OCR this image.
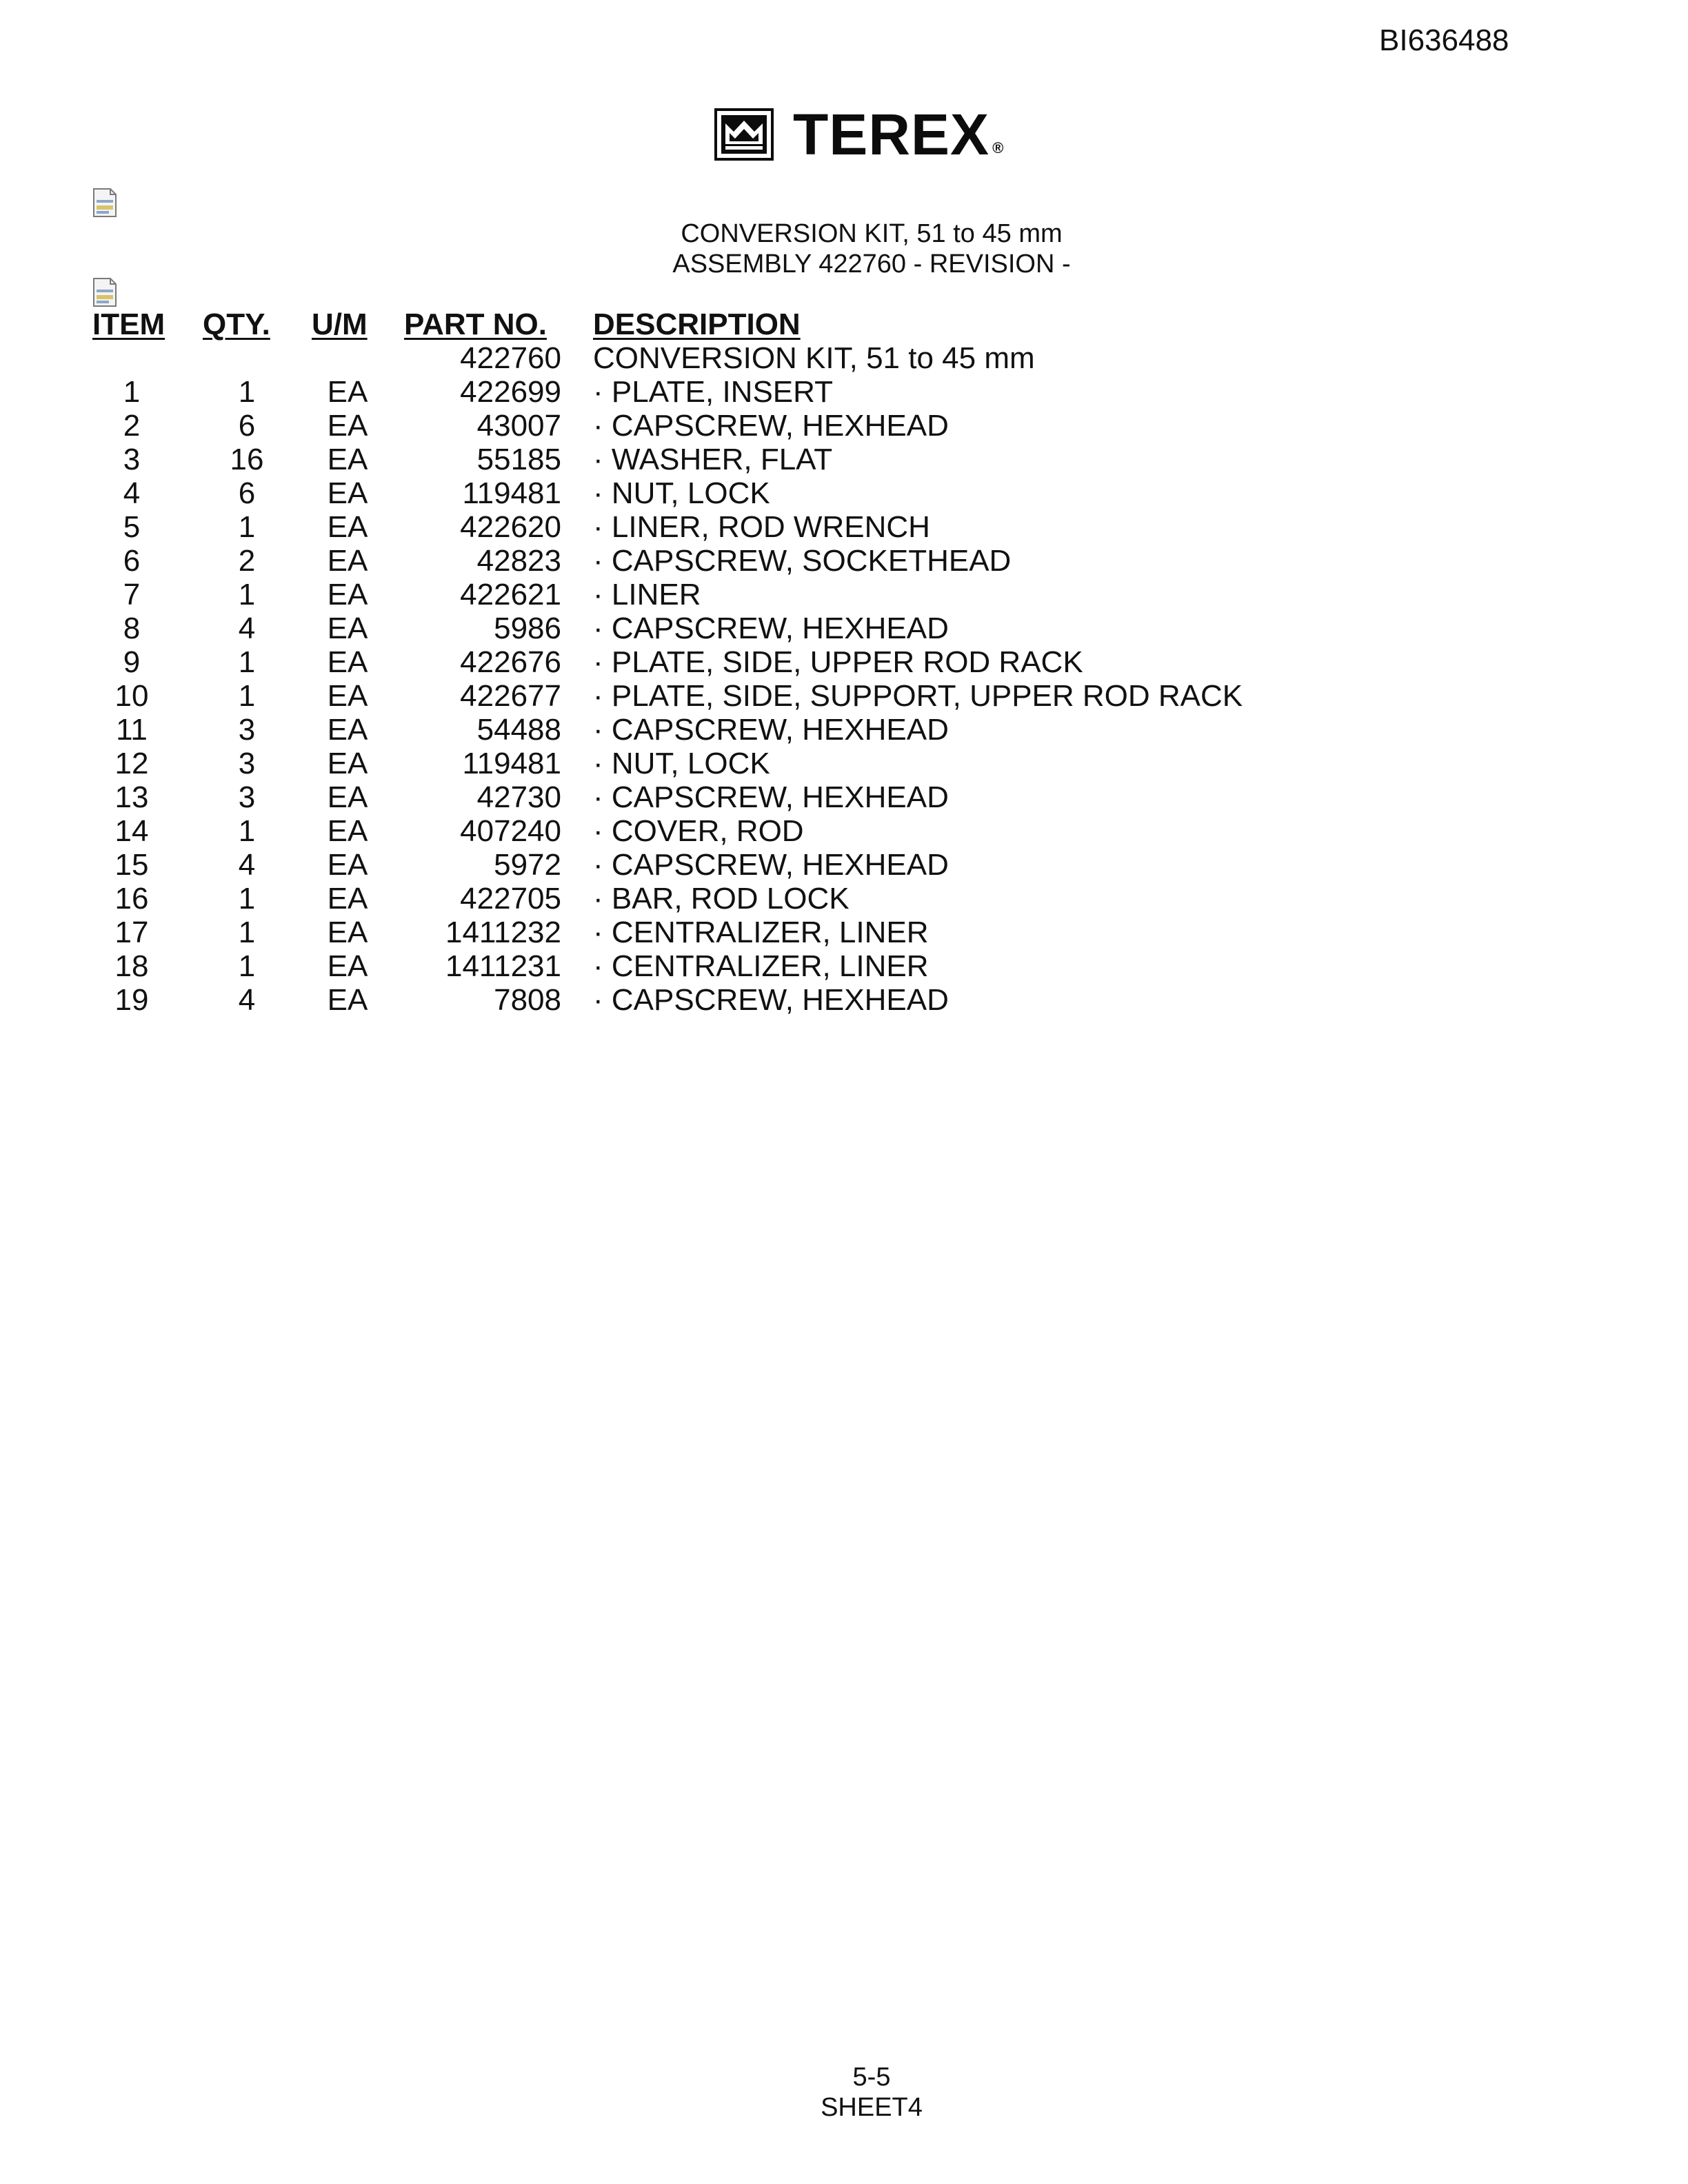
BI636488
TEREX ®
CONVERSION KIT, 51 to 45 mm
ASSEMBLY 422760 - REVISION -
ITEM	QTY.	U/M	PART NO.	DESCRIPTION
			422760	CONVERSION KIT, 51 to 45 mm
1	1	EA	422699	· PLATE, INSERT
2	6	EA	43007	· CAPSCREW, HEXHEAD
3	16	EA	55185	· WASHER, FLAT
4	6	EA	119481	· NUT, LOCK
5	1	EA	422620	· LINER, ROD WRENCH
6	2	EA	42823	· CAPSCREW, SOCKETHEAD
7	1	EA	422621	· LINER
8	4	EA	5986	· CAPSCREW, HEXHEAD
9	1	EA	422676	· PLATE, SIDE, UPPER ROD RACK
10	1	EA	422677	· PLATE, SIDE, SUPPORT, UPPER ROD RACK
11	3	EA	54488	· CAPSCREW, HEXHEAD
12	3	EA	119481	· NUT, LOCK
13	3	EA	42730	· CAPSCREW, HEXHEAD
14	1	EA	407240	· COVER, ROD
15	4	EA	5972	· CAPSCREW, HEXHEAD
16	1	EA	422705	· BAR, ROD LOCK
17	1	EA	1411232	· CENTRALIZER, LINER
18	1	EA	1411231	· CENTRALIZER, LINER
19	4	EA	7808	· CAPSCREW, HEXHEAD
5-5
SHEET4
